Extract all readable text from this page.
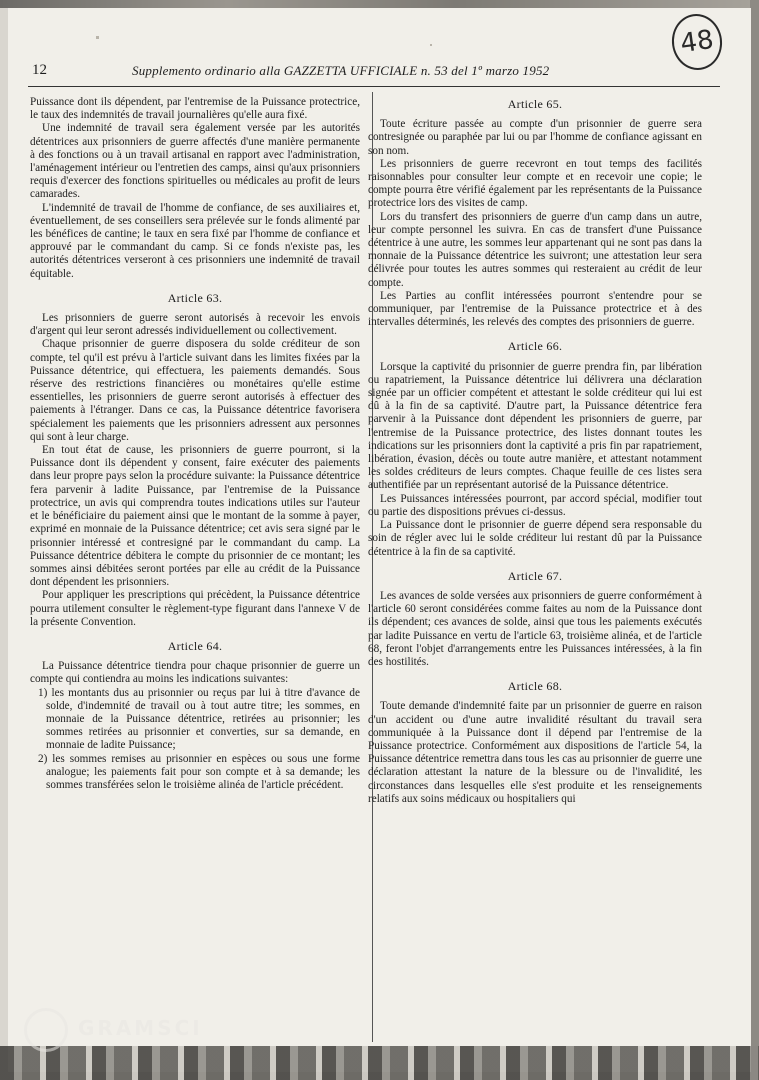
48
12	Supplemento ordinario alla GAZZETTA UFFICIALE n. 53 del 1º marzo 1952

Puissance dont ils dépendent, par l'entremise de la Puissance protectrice, le taux des indemnités de travail journalières qu'elle aura fixé.

Une indemnité de travail sera également versée par les autorités détentrices aux prisonniers de guerre affectés d'une manière permanente à des fonctions ou à un travail artisanal en rapport avec l'administration, l'aménagement intérieur ou l'entretien des camps, ainsi qu'aux prisonniers requis d'exercer des fonctions spirituelles ou médicales au profit de leurs camarades.

L'indemnité de travail de l'homme de confiance, de ses auxiliaires et, éventuellement, de ses conseillers sera prélevée sur le fonds alimenté par les bénéfices de cantine; le taux en sera fixé par l'homme de confiance et approuvé par le commandant du camp. Si ce fonds n'existe pas, les autorités détentrices verseront à ces prisonniers une indemnité de travail équitable.

Article 63.

Les prisonniers de guerre seront autorisés à recevoir les envois d'argent qui leur seront adressés individuellement ou collectivement.

Chaque prisonnier de guerre disposera du solde créditeur de son compte, tel qu'il est prévu à l'article suivant dans les limites fixées par la Puissance détentrice, qui effectuera, les paiements demandés. Sous réserve des restrictions financières ou monétaires qu'elle estime essentielles, les prisonniers de guerre seront autorisés à effectuer des paiements à l'étranger. Dans ce cas, la Puissance détentrice favorisera spécialement les paiements que les prisonniers adressent aux personnes qui sont à leur charge.

En tout état de cause, les prisonniers de guerre pourront, si la Puissance dont ils dépendent y consent, faire exécuter des paiements dans leur propre pays selon la procédure suivante: la Puissance détentrice fera parvenir à ladite Puissance, par l'entremise de la Puissance protectrice, un avis qui comprendra toutes indications utiles sur l'auteur et le bénéficiaire du paiement ainsi que le montant de la somme à payer, exprimé en monnaie de la Puissance détentrice; cet avis sera signé par le prisonnier intéressé et contresigné par le commandant du camp. La Puissance détentrice débitera le compte du prisonnier de ce montant; les sommes ainsi débitées seront portées par elle au crédit de la Puissance dont dépendent les prisonniers.

Pour appliquer les prescriptions qui précèdent, la Puissance détentrice pourra utilement consulter le règlement-type figurant dans l'annexe V de la présente Convention.

Article 64.

La Puissance détentrice tiendra pour chaque prisonnier de guerre un compte qui contiendra au moins les indications suivantes:

1) les montants dus au prisonnier ou reçus par lui à titre d'avance de solde, d'indemnité de travail ou à tout autre titre; les sommes, en monnaie de la Puissance détentrice, retirées au prisonnier; les sommes retirées au prisonnier et converties, sur sa demande, en monnaie de ladite Puissance;

2) les sommes remises au prisonnier en espèces ou sous une forme analogue; les paiements fait pour son compte et à sa demande; les sommes transférées selon le troisième alinéa de l'article précédent.

Article 65.

Toute écriture passée au compte d'un prisonnier de guerre sera contresignée ou paraphée par lui ou par l'homme de confiance agissant en son nom.

Les prisonniers de guerre recevront en tout temps des facilités raisonnables pour consulter leur compte et en recevoir une copie; le compte pourra être vérifié également par les représentants de la Puissance protectrice lors des visites de camp.

Lors du transfert des prisonniers de guerre d'un camp dans un autre, leur compte personnel les suivra. En cas de transfert d'une Puissance détentrice à une autre, les sommes leur appartenant qui ne sont pas dans la monnaie de la Puissance détentrice les suivront; une attestation leur sera délivrée pour toutes les autres sommes qui resteraient au crédit de leur compte.

Les Parties au conflit intéressées pourront s'entendre pour se communiquer, par l'entremise de la Puissance protectrice et à des intervalles déterminés, les relevés des comptes des prisonniers de guerre.

Article 66.

Lorsque la captivité du prisonnier de guerre prendra fin, par libération ou rapatriement, la Puissance détentrice lui délivrera una déclaration signée par un officier compétent et attestant le solde créditeur qui lui est dû à la fin de sa captivité. D'autre part, la Puissance détentrice fera parvenir à la Puissance dont dépendent les prisonniers de guerre, par l'entremise de la Puissance protectrice, des listes donnant toutes les indications sur les prisonniers dont la captivité a pris fin par rapatriement, libération, évasion, décès ou toute autre manière, et attestant notamment les soldes créditeurs de leurs comptes. Chaque feuille de ces listes sera authentifiée par un représentant autorisé de la Puissance détentrice.

Les Puissances intéressées pourront, par accord spécial, modifier tout ou partie des dispositions prévues ci-dessus.

La Puissance dont le prisonnier de guerre dépend sera responsable du soin de régler avec lui le solde créditeur lui restant dû par la Puissance détentrice à la fin de sa captivité.

Article 67.

Les avances de solde versées aux prisonniers de guerre conformément à l'article 60 seront considérées comme faites au nom de la Puissance dont ils dépendent; ces avances de solde, ainsi que tous les paiements exécutés par ladite Puissance en vertu de l'article 63, troisième alinéa, et de l'article 68, feront l'objet d'arrangements entre les Puissances intéressées, à la fin des hostilités.

Article 68.

Toute demande d'indemnité faite par un prisonnier de guerre en raison d'un accident ou d'une autre invalidité résultant du travail sera communiquée à la Puissance dont il dépend par l'entremise de la Puissance protectrice. Conformément aux dispositions de l'article 54, la Puissance détentrice remettra dans tous les cas au prisonnier de guerre une déclaration attestant la nature de la blessure ou de l'invalidité, les circonstances dans lesquelles elle s'est produite et les renseignements relatifs aux soins médicaux ou hospitaliers qui

GRAMSCI
